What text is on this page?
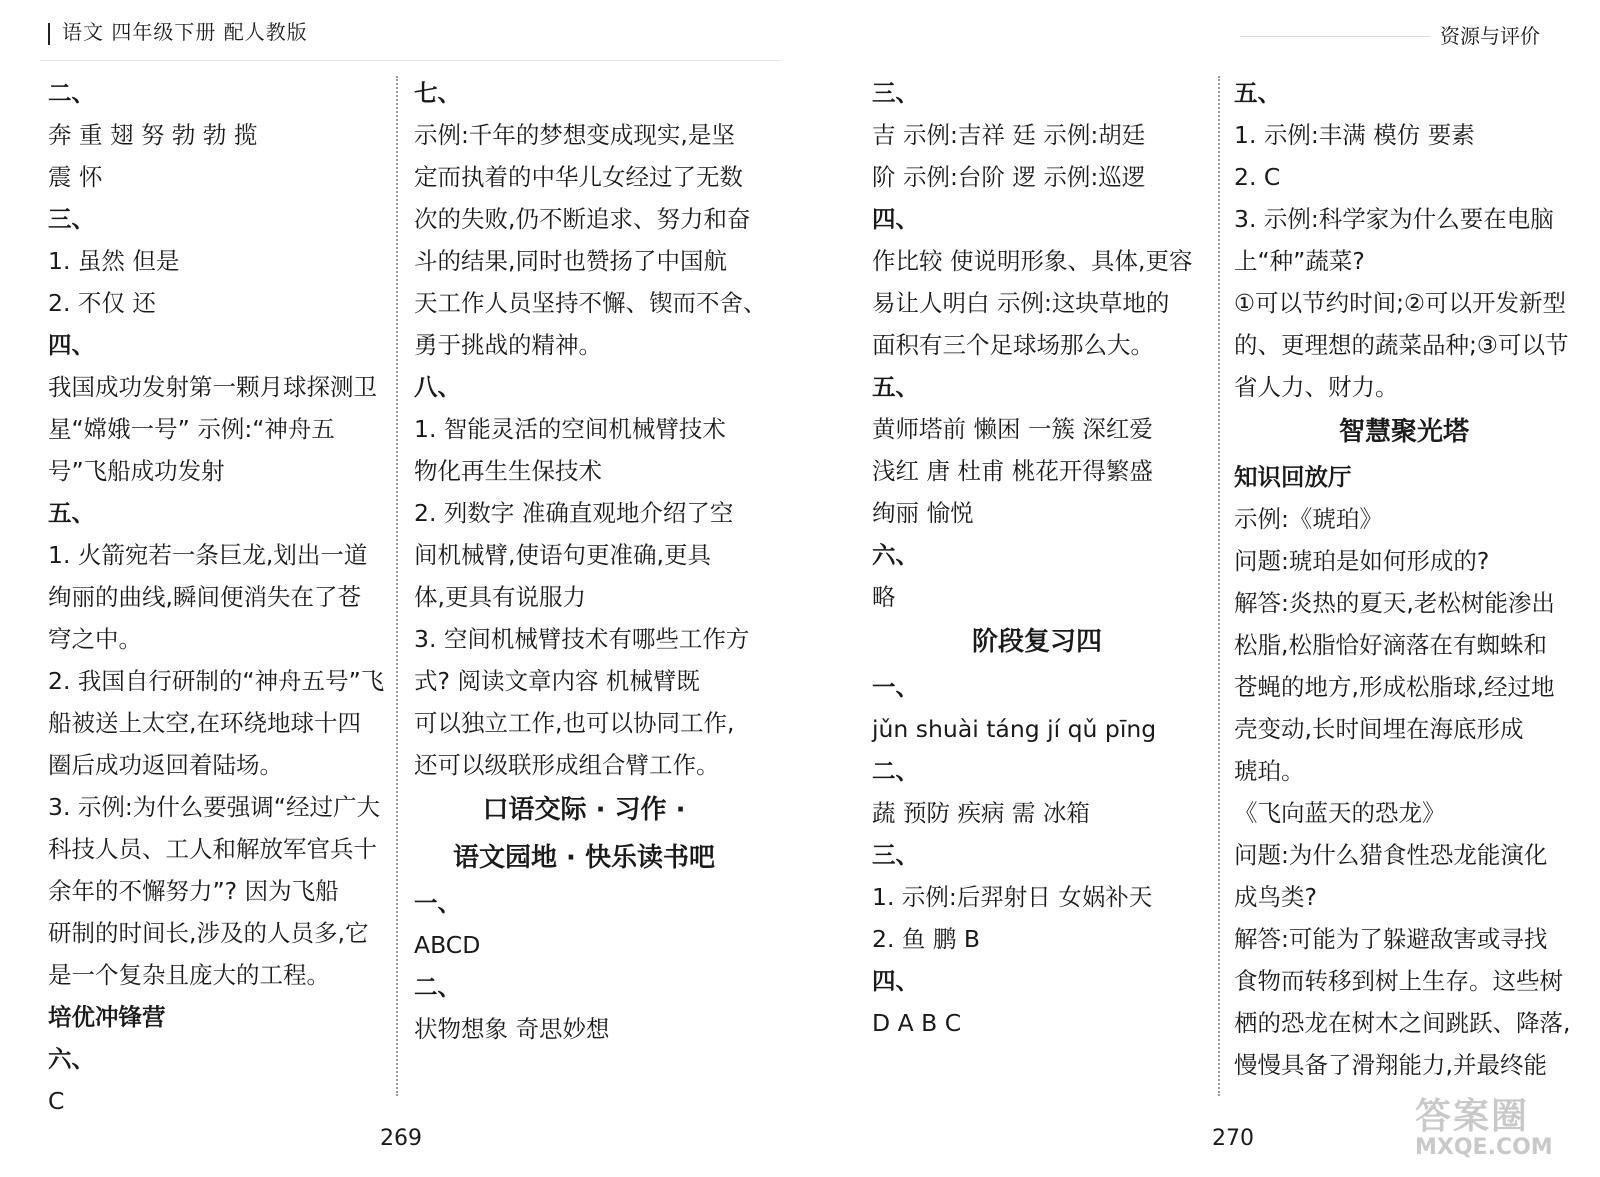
语文 四年级下册 配人教版	资源与评价
二、
奔 重 翅 努 勃 勃 揽
震 怀
三、
1. 虽然 但是
2. 不仅 还
四、
我国成功发射第一颗月球探测卫
星“嫦娥一号” 示例:“神舟五
号”飞船成功发射
五、
1. 火箭宛若一条巨龙,划出一道
绚丽的曲线,瞬间便消失在了苍
穹之中。
2. 我国自行研制的“神舟五号”飞
船被送上太空,在环绕地球十四
圈后成功返回着陆场。
3. 示例:为什么要强调“经过广大
科技人员、工人和解放军官兵十
余年的不懈努力”? 因为飞船
研制的时间长,涉及的人员多,它
是一个复杂且庞大的工程。
培优冲锋营
六、
C
七、
示例:千年的梦想变成现实,是坚
定而执着的中华儿女经过了无数
次的失败,仍不断追求、努力和奋
斗的结果,同时也赞扬了中国航
天工作人员坚持不懈、锲而不舍、
勇于挑战的精神。
八、
1. 智能灵活的空间机械臂技术
物化再生生保技术
2. 列数字 准确直观地介绍了空
间机械臂,使语句更准确,更具
体,更具有说服力
3. 空间机械臂技术有哪些工作方
式? 阅读文章内容 机械臂既
可以独立工作,也可以协同工作,
还可以级联形成组合臂工作。
口语交际 · 习作 ·
语文园地 · 快乐读书吧
一、
ABCD
二、
状物想象 奇思妙想
三、
吉 示例:吉祥 廷 示例:胡廷
阶 示例:台阶 逻 示例:巡逻
四、
作比较 使说明形象、具体,更容
易让人明白 示例:这块草地的
面积有三个足球场那么大。
五、
黄师塔前 懒困 一簇 深红爱
浅红 唐 杜甫 桃花开得繁盛
绚丽 愉悦
六、
略
阶段复习四
一、
jǔn shuài táng jí qǔ pīng
二、
蔬 预防 疾病 需 冰箱
三、
1. 示例:后羿射日 女娲补天
2. 鱼 鹏 B
四、
D A B C
五、
1. 示例:丰满 模仿 要素
2. C
3. 示例:科学家为什么要在电脑
上“种”蔬菜?
①可以节约时间;②可以开发新型
的、更理想的蔬菜品种;③可以节
省人力、财力。
智慧聚光塔
知识回放厅
示例:《琥珀》
问题:琥珀是如何形成的?
解答:炎热的夏天,老松树能渗出
松脂,松脂恰好滴落在有蜘蛛和
苍蝇的地方,形成松脂球,经过地
壳变动,长时间埋在海底形成
琥珀。
《飞向蓝天的恐龙》
问题:为什么猎食性恐龙能演化
成鸟类?
解答:可能为了躲避敌害或寻找
食物而转移到树上生存。这些树
栖的恐龙在树木之间跳跃、降落,
慢慢具备了滑翔能力,并最终能
269	270
答案圈
MXQE.COM
